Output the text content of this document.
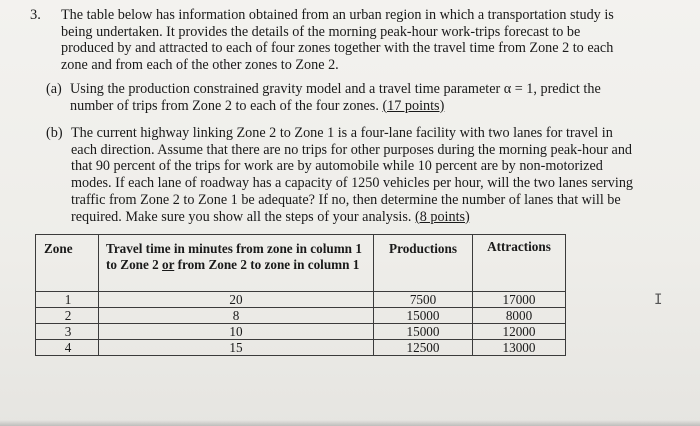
3. The table below has information obtained from an urban region in which a transportation study is being undertaken. It provides the details of the morning peak-hour work-trips forecast to be produced by and attracted to each of four zones together with the travel time from Zone 2 to each zone and from each of the other zones to Zone 2.

(a) Using the production constrained gravity model and a travel time parameter α = 1, predict the number of trips from Zone 2 to each of the four zones. (17 points)

(b) The current highway linking Zone 2 to Zone 1 is a four-lane facility with two lanes for travel in each direction. Assume that there are no trips for other purposes during the morning peak-hour and that 90 percent of the trips for work are by automobile while 10 percent are by non-motorized modes. If each lane of roadway has a capacity of 1250 vehicles per hour, will the two lanes serving traffic from Zone 2 to Zone 1 be adequate? If no, then determine the number of lanes that will be required. Make sure you show all the steps of your analysis. (8 points)

Zone	Travel time in minutes from zone in column 1 to Zone 2 or from Zone 2 to zone in column 1	Productions	Attractions
1	20	7500	17000
2	8	15000	8000
3	10	15000	12000
4	15	12500	13000
I
